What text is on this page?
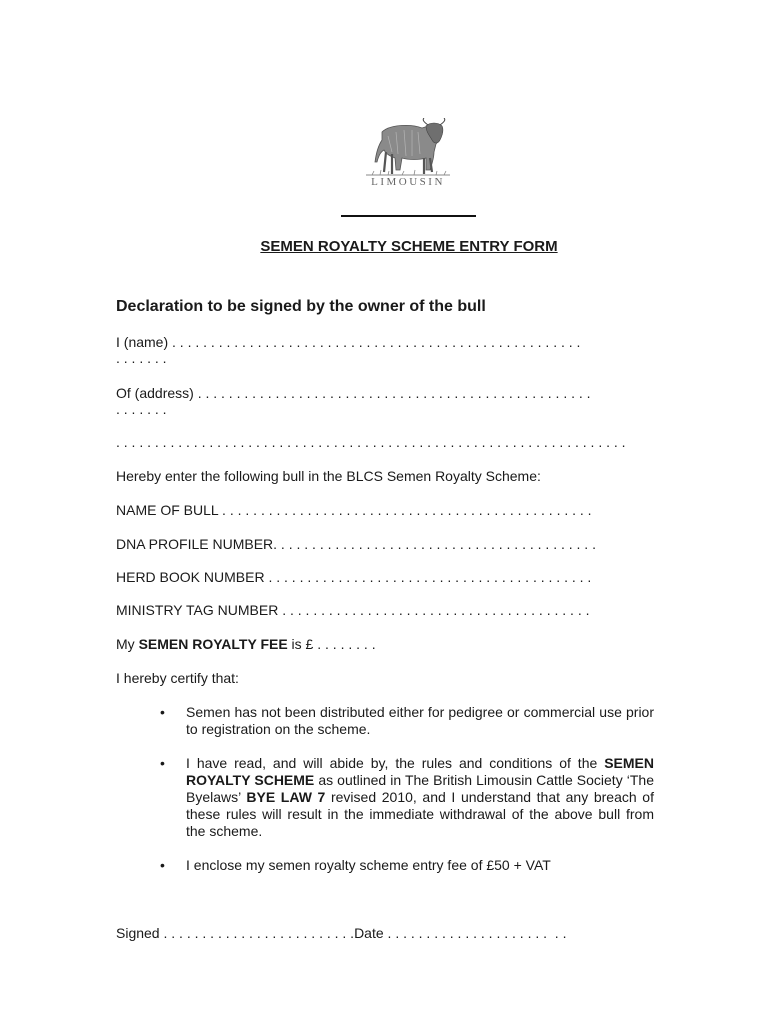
LIMOUSIN
SEMEN ROYALTY SCHEME ENTRY FORM
Declaration to be signed by the owner of the bull
I (name) . . . . . . . . . . . . . . . . . . . . . . . . . . . . . . . . . . . . . . . . . . . . . . . . . . . . .
. . . . . . .
Of (address) . . . . . . . . . . . . . . . . . . . . . . . . . . . . . . . . . . . . . . . . . . . . . . . . . . .
. . . . . . .
. . . . . . . . . . . . . . . . . . . . . . . . . . . . . . . . . . . . . . . . . . . . . . . . . . . . . . . . . . . . . . . . . .
Hereby enter the following bull in the BLCS Semen Royalty Scheme:
NAME OF BULL . . . . . . . . . . . . . . . . . . . . . . . . . . . . . . . . . . . . . . . . . . . . . . . .
DNA PROFILE NUMBER. . . . . . . . . . . . . . . . . . . . . . . . . . . . . . . . . . . . . . . . . .
HERD BOOK NUMBER . . . . . . . . . . . . . . . . . . . . . . . . . . . . . . . . . . . . . . . . . .
MINISTRY TAG NUMBER . . . . . . . . . . . . . . . . . . . . . . . . . . . . . . . . . . . . . . . .
My SEMEN ROYALTY FEE is £ . . . . . . . .
I hereby certify that:
• Semen has not been distributed either for pedigree or commercial use prior to registration on the scheme.
• I have read, and will abide by, the rules and conditions of the SEMEN ROYALTY SCHEME as outlined in The British Limousin Cattle Society ‘The Byelaws’ BYE LAW 7 revised 2010, and I understand that any breach of these rules will result in the immediate withdrawal of the above bull from the scheme.
• I enclose my semen royalty scheme entry fee of £50 + VAT
Signed . . . . . . . . . . . . . . . . . . . . . . . . .Date . . . . . . . . . . . . . . . . . . . . .  . .
